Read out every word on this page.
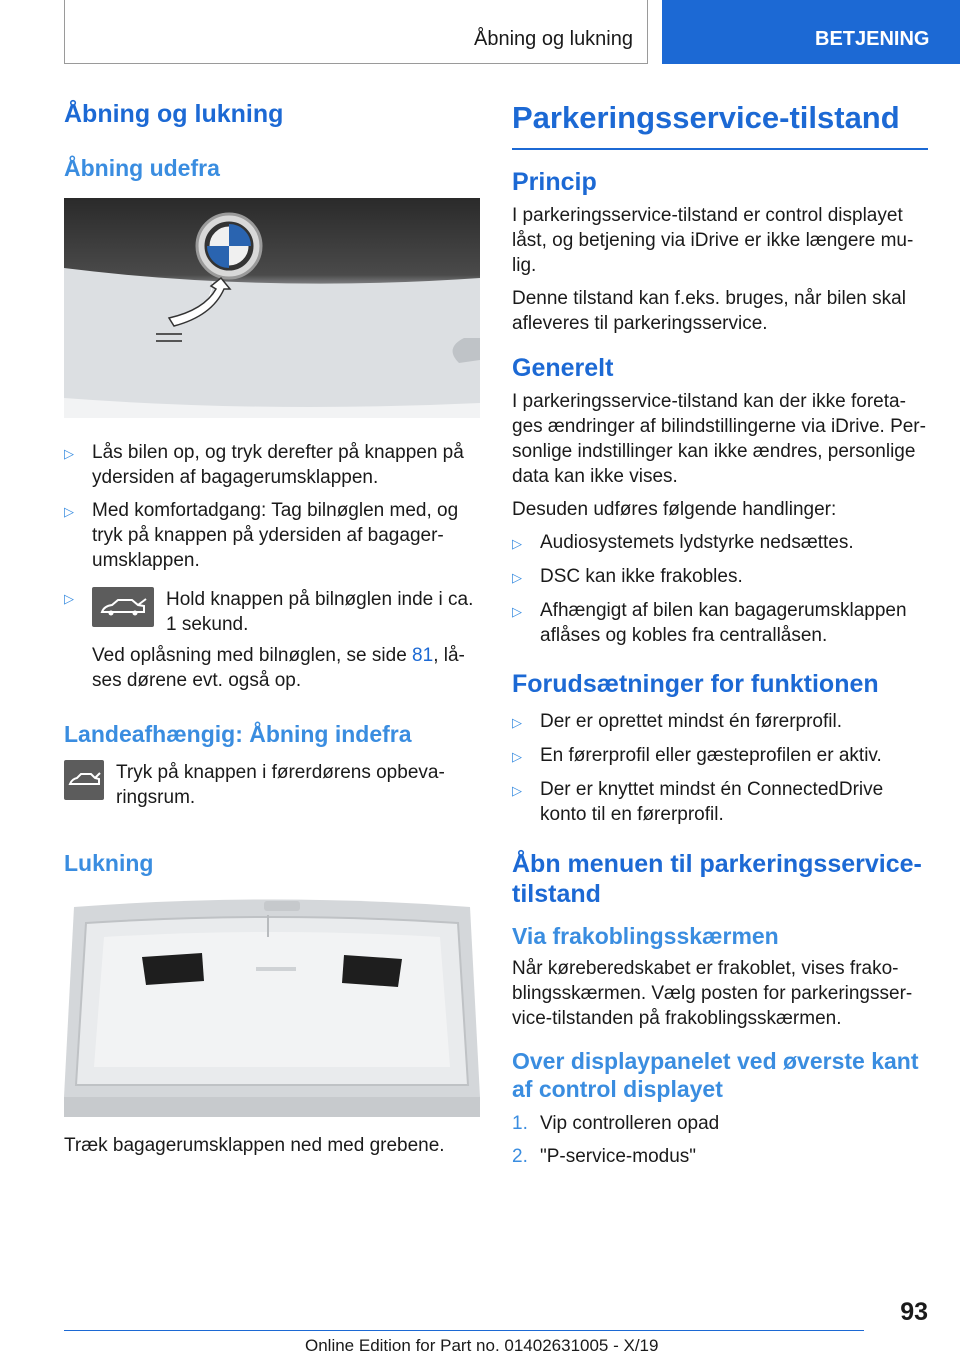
Åbning og lukning	BETJENING
Åbning og lukning
Åbning udefra
▷ Lås bilen op, og tryk derefter på knappen på ydersiden af bagagerumsklappen.
▷ Med komfortadgang: Tag bilnøglen med, og tryk på knappen på ydersiden af bagagerumsklappen.
▷	Hold knappen på bilnøglen inde i ca. 1 sekund.

Ved oplåsning med bilnøglen, se side 81, låses dørene evt. også op.

Landeafhængig: Åbning indefra

Tryk på knappen i førerdørens opbevaringsrum.

Lukning

Træk bagagerumsklappen ned med grebene.

Parkeringsservice-tilstand
Princip

I parkeringsservice-tilstand er control displayet låst, og betjening via iDrive er ikke længere mulig.

Denne tilstand kan f.eks. bruges, når bilen skal afleveres til parkeringsservice.

Generelt

I parkeringsservice-tilstand kan der ikke foretages ændringer af bilindstillingerne via iDrive. Personlige indstillinger kan ikke ændres, personlige data kan ikke vises.

Desuden udføres følgende handlinger:

▷ Audiosystemets lydstyrke nedsættes.
▷ DSC kan ikke frakobles.
▷ Afhængigt af bilen kan bagagerumsklappen aflåses og kobles fra centrallåsen.
Forudsætninger for funktionen
▷ Der er oprettet mindst én førerprofil.
▷ En førerprofil eller gæsteprofilen er aktiv.
▷ Der er knyttet mindst én ConnectedDrive konto til en førerprofil.
Åbn menuen til parkeringsservice-tilstand
Via frakoblingsskærmen

Når køreberedskabet er frakoblet, vises frakoblingsskærmen. Vælg posten for parkeringsservice-tilstanden på frakoblingsskærmen.

Over displaypanelet ved øverste kant af control displayet
1. Vip controlleren opad
2. "P-service-modus"
93
Online Edition for Part no. 01402631005 - X/19
